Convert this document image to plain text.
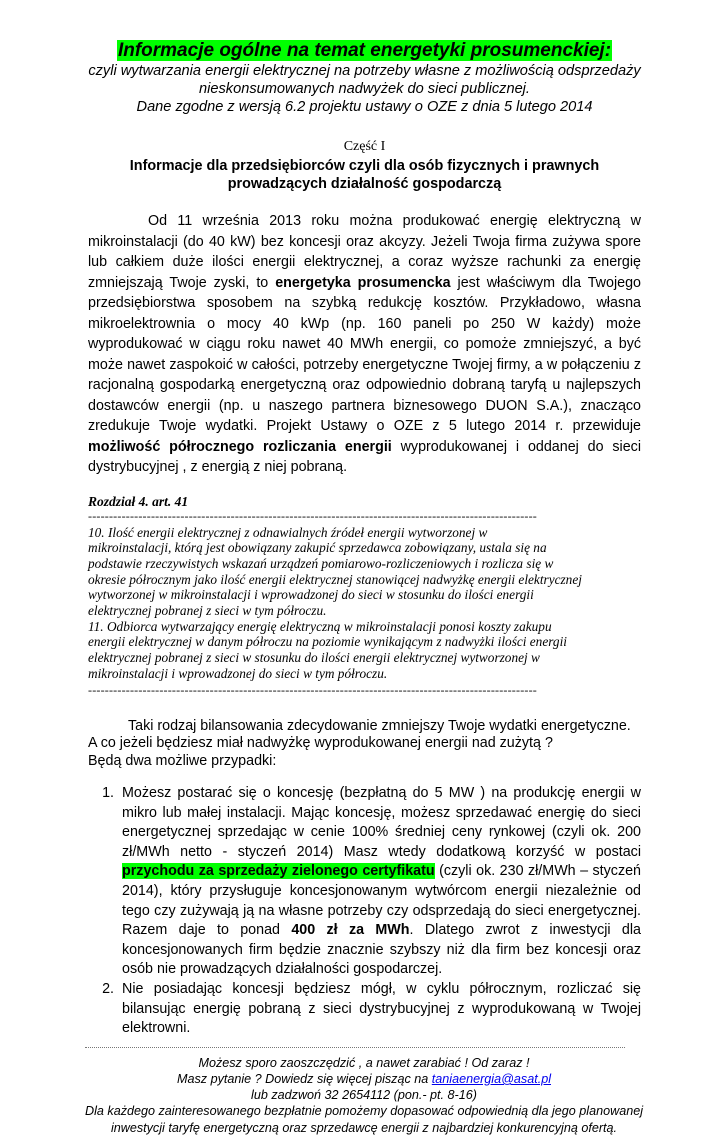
Informacje ogólne na temat energetyki prosumenckiej:
czyli wytwarzania energii elektrycznej na potrzeby własne z możliwością odsprzedaży
nieskonsumowanych nadwyżek do sieci publicznej.
Dane zgodne z wersją 6.2 projektu ustawy o OZE z dnia 5 lutego 2014
Część I
Informacje dla przedsiębiorców czyli dla osób fizycznych i prawnych
prowadzących działalność gospodarczą
Od 11 września 2013 roku można produkować energię elektryczną w mikroinstalacji (do 40 kW) bez koncesji oraz akcyzy. Jeżeli Twoja firma zużywa spore lub całkiem duże ilości energii elektrycznej, a coraz wyższe rachunki za energię zmniejszają Twoje zyski, to energetyka prosumencka jest właściwym dla Twojego przedsiębiorstwa sposobem na szybką redukcję kosztów. Przykładowo, własna mikroelektrownia o mocy 40 kWp (np. 160 paneli po 250 W każdy) może wyprodukować w ciągu roku nawet 40 MWh energii, co pomoże zmniejszyć, a być może nawet zaspokoić w całości, potrzeby energetyczne Twojej firmy, a w połączeniu z racjonalną gospodarką energetyczną oraz odpowiednio dobraną taryfą u najlepszych dostawców energii (np. u naszego partnera biznesowego DUON S.A.), znacząco zredukuje Twoje wydatki. Projekt Ustawy o OZE z 5 lutego 2014 r. przewiduje możliwość półrocznego rozliczania energii wyprodukowanej i oddanej do sieci dystrybucyjnej , z energią z niej pobraną.
Rozdział 4. art. 41
-----------------------------------------------------------------------------------------------------------
10. Ilość energii elektrycznej z odnawialnych źródeł energii wytworzonej w
mikroinstalacji, którą jest obowiązany zakupić sprzedawca zobowiązany, ustala się na
podstawie rzeczywistych wskazań urządzeń pomiarowo-rozliczeniowych i rozlicza się w
okresie półrocznym jako ilość energii elektrycznej stanowiącej nadwyżkę energii elektrycznej
wytworzonej w mikroinstalacji i wprowadzonej do sieci w stosunku do ilości energii
elektrycznej pobranej z sieci w tym półroczu.
11. Odbiorca wytwarzający energię elektryczną w mikroinstalacji ponosi koszty zakupu
energii elektrycznej w danym półroczu na poziomie wynikającym z nadwyżki ilości energii
elektrycznej pobranej z sieci w stosunku do ilości energii elektrycznej wytworzonej w
mikroinstalacji i wprowadzonej do sieci w tym półroczu.
-----------------------------------------------------------------------------------------------------------
Taki rodzaj bilansowania zdecydowanie zmniejszy Twoje wydatki energetyczne.
A co jeżeli będziesz miał nadwyżkę wyprodukowanej energii nad zużytą ?
Będą dwa możliwe przypadki:
1. Możesz postarać się o koncesję (bezpłatną do 5 MW ) na produkcję energii w mikro lub małej instalacji. Mając koncesję, możesz sprzedawać energię do sieci energetycznej sprzedając w cenie 100% średniej ceny rynkowej (czyli ok. 200 zł/MWh netto - styczeń 2014) Masz wtedy dodatkową korzyść w postaci przychodu za sprzedaży zielonego certyfikatu (czyli ok. 230 zł/MWh – styczeń 2014), który przysługuje koncesjonowanym wytwórcom energii niezależnie od tego czy zużywają ją na własne potrzeby czy odsprzedają do sieci energetycznej. Razem daje to ponad 400 zł za MWh. Dlatego zwrot z inwestycji dla koncesjonowanych firm będzie znacznie szybszy niż dla firm bez koncesji oraz osób nie prowadzących działalności gospodarczej.
2. Nie posiadając koncesji będziesz mógł, w cyklu półrocznym, rozliczać się bilansując energię pobraną z sieci dystrybucyjnej z wyprodukowaną w Twojej elektrowni.
Możesz sporo zaoszczędzić , a nawet zarabiać ! Od zaraz !
Masz pytanie ? Dowiedz się więcej pisząc na taniaenergia@asat.pl
lub zadzwoń 32 2654112 (pon.- pt. 8-16)
Dla każdego zainteresowanego bezpłatnie pomożemy dopasować odpowiednią dla jego planowanej
inwestycji taryfę energetyczną oraz sprzedawcę energii z najbardziej konkurencyjną ofertą.
